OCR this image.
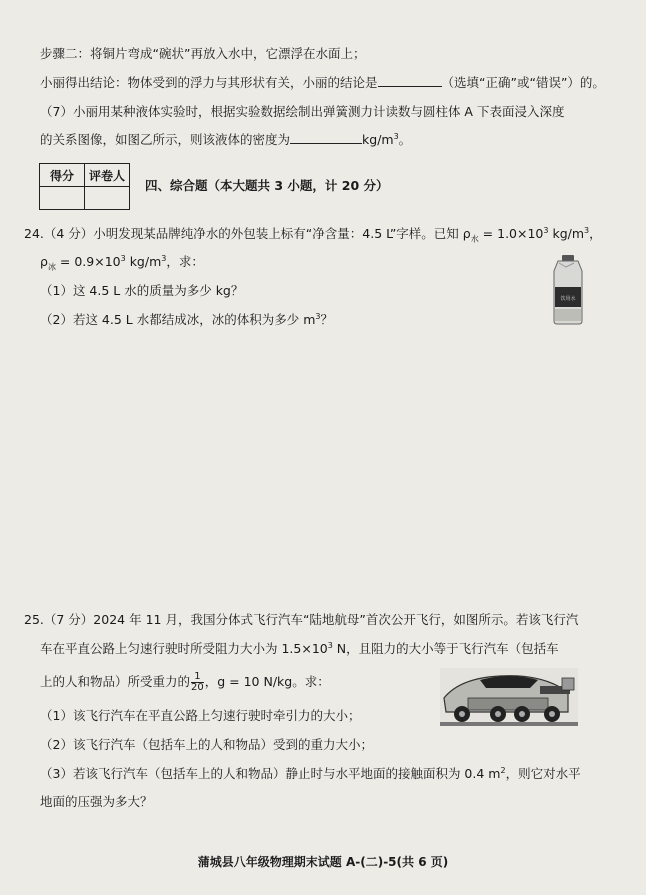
步骤二：将铜片弯成“碗状”再放入水中，它漂浮在水面上；
小丽得出结论：物体受到的浮力与其形状有关，小丽的结论是	（选填“正确”或“错误”）的。
（7）小丽用某种液体实验时，根据实验数据绘制出弹簧测力计读数与圆柱体 A 下表面浸入深度
的关系图像，如图乙所示，则该液体的密度为	$kg/m^3$。
得分	评卷人

四、综合题（本大题共 3 小题，计 20 分）
24.（4 分）小明发现某品牌纯净水的外包装上标有“净含量：4.5 L”字样。已知 $\rho_水 = 1.0\times 10^3$ $kg/m^3$，
$\rho_冰 = 0.9\times 10^3$ $kg/m^3$，求：
（1）这 4.5 L 水的质量为多少 kg？
（2）若这 4.5 L 水都结成冰，冰的体积为多少 $m^3$？
饮用水
25.（7 分）2024 年 11 月，我国分体式飞行汽车“陆地航母”首次公开飞行，如图所示。若该飞行汽
车在平直公路上匀速行驶时所受阻力大小为 $1.5\times 10^3$ N，且阻力的大小等于飞行汽车（包括车
上的人和物品）所受重力的 $\frac{1}{20}$ ，g = 10 N/kg。求：
（1）该飞行汽车在平直公路上匀速行驶时牵引力的大小；
（2）该飞行汽车（包括车上的人和物品）受到的重力大小；
（3）若该飞行汽车（包括车上的人和物品）静止时与水平地面的接触面积为 0.4 $m^2$，则它对水平
地面的压强为多大？
蒲城县八年级物理期末试题 A-(二)-5(共 6 页)
